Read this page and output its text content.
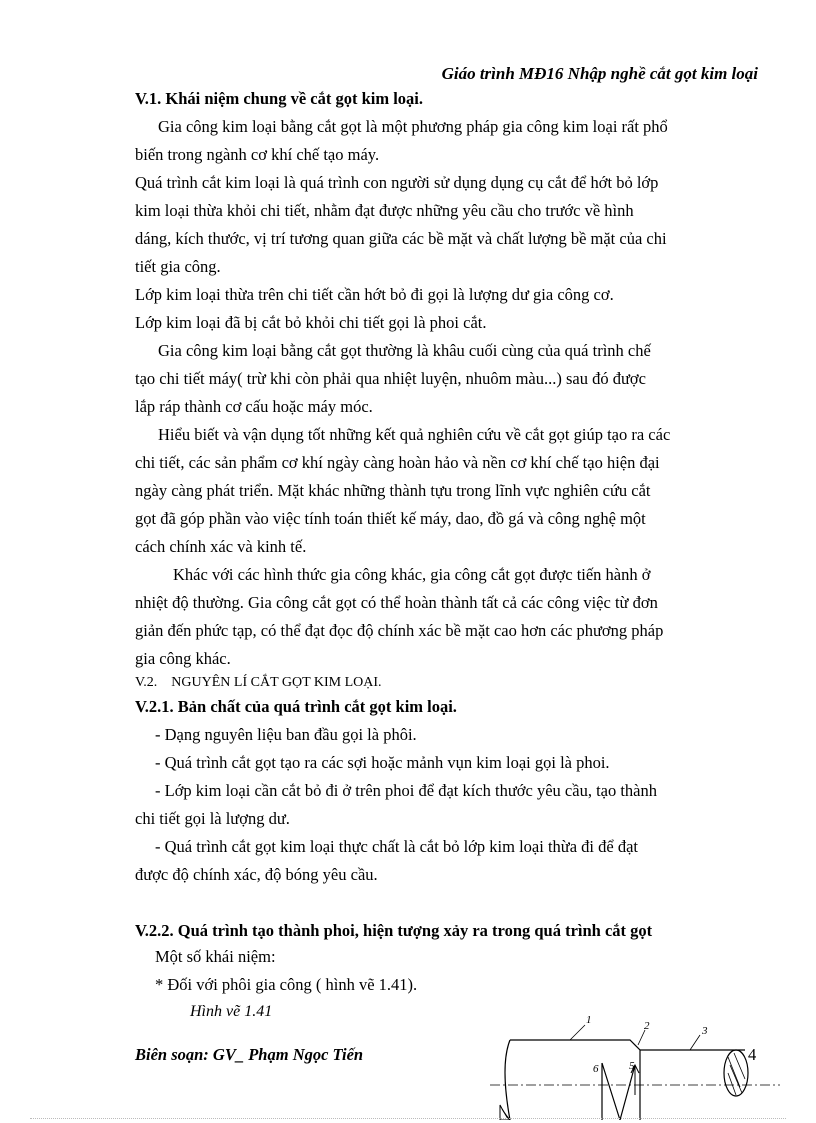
Giáo trình MĐ16 Nhập nghề cắt gọt kim loại
V.1. Khái niệm chung về cắt gọt kim loại.
Gia công kim loại bằng cắt gọt là một phương pháp gia công kim loại rất phổ
biến trong ngành cơ khí chế tạo máy.
Quá trình cắt kim loại là quá trình con người sử dụng dụng cụ cắt để hớt bỏ lớp
kim loại thừa khỏi chi tiết, nhằm đạt được những yêu cầu cho trước về hình
dáng, kích thước, vị trí tương quan giữa các bề mặt và chất lượng bề mặt của chi
tiết gia công.
Lớp kim loại thừa trên chi tiết cần hớt bỏ đi gọi là lượng dư gia công cơ.
Lớp kim loại đã bị cắt bỏ khỏi chi tiết gọi là phoi cắt.
Gia công kim loại bằng cắt gọt thường là khâu cuối cùng của quá trình chế
tạo chi tiết máy( trừ khi còn phải qua nhiệt luyện, nhuôm màu...) sau đó được
lắp ráp thành cơ cấu hoặc máy móc.
Hiểu biết và vận dụng tốt những kết quả nghiên cứu về cắt gọt giúp tạo ra các
chi tiết, các sản phẩm cơ khí ngày càng hoàn hảo và nền cơ khí chế tạo hiện đại
ngày càng phát triển. Mặt khác những thành tựu trong lĩnh vực nghiên cứu cắt
gọt đã góp phần vào việc tính toán thiết kế máy, dao, đồ gá và công nghệ một
cách chính xác và kinh tế.
Khác với các hình thức gia công khác, gia công cắt gọt được tiến hành ở
nhiệt độ thường. Gia công cắt gọt có thể hoàn thành tất cả các công việc từ đơn
giản đến phức tạp, có thể đạt đọc độ chính xác bề mặt cao hơn các phương pháp
gia công khác.
V.2.    NGUYÊN LÍ CẮT GỌT KIM LOẠI.
V.2.1. Bản chất của quá trình cắt gọt kim loại.
- Dạng nguyên liệu ban đầu gọi là phôi.
- Quá trình cắt gọt tạo ra các sợi hoặc mảnh vụn kim loại gọi là phoi.
- Lớp kim loại cần cắt bỏ đi ở trên phoi để đạt kích thước yêu cầu, tạo thành
chi tiết gọi là lượng dư.
- Quá trình cắt gọt kim loại thực chất là cắt bỏ lớp kim loại thừa đi để đạt
được độ chính xác, độ bóng yêu cầu.
V.2.2. Quá trình tạo thành phoi, hiện tượng xảy ra trong quá trình cắt gọt
Một số khái niệm:
* Đối với phôi gia công ( hình vẽ 1.41).
Hình vẽ 1.41	1	2	3
6	5
Biên soạn: GV_ Phạm Ngọc Tiến	4
